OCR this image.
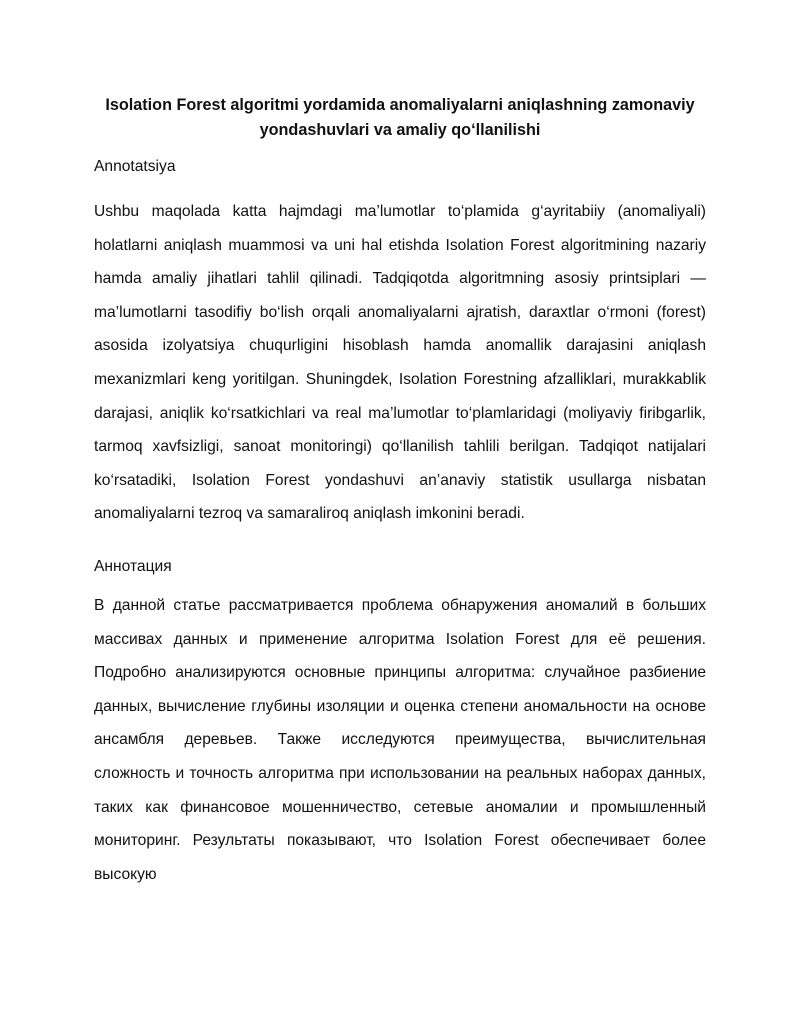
Isolation Forest algoritmi yordamida anomaliyalarni aniqlashning zamonaviy
yondashuvlari va amaliy qo‘llanilishi

Annotatsiya

Ushbu maqolada katta hajmdagi ma’lumotlar to‘plamida g‘ayritabiiy (anomaliyali) holatlarni aniqlash muammosi va uni hal etishda Isolation Forest algoritmining nazariy hamda amaliy jihatlari tahlil qilinadi. Tadqiqotda algoritmning asosiy printsiplari — ma’lumotlarni tasodifiy bo‘lish orqali anomaliyalarni ajratish, daraxtlar o‘rmoni (forest) asosida izolyatsiya chuqurligini hisoblash hamda anomallik darajasini aniqlash mexanizmlari keng yoritilgan. Shuningdek, Isolation Forestning afzalliklari, murakkablik darajasi, aniqlik ko‘rsatkichlari va real ma’lumotlar to‘plamlaridagi (moliyaviy firibgarlik, tarmoq xavfsizligi, sanoat monitoringi) qo‘llanilish tahlili berilgan. Tadqiqot natijalari ko‘rsatadiki, Isolation Forest yondashuvi an’anaviy statistik usullarga nisbatan anomaliyalarni tezroq va samaraliroq aniqlash imkonini beradi.

Аннотация

В данной статье рассматривается проблема обнаружения аномалий в больших массивах данных и применение алгоритма Isolation Forest для её решения. Подробно анализируются основные принципы алгоритма: случайное разбиение данных, вычисление глубины изоляции и оценка степени аномальности на основе ансамбля деревьев. Также исследуются преимущества, вычислительная сложность и точность алгоритма при использовании на реальных наборах данных, таких как финансовое мошенничество, сетевые аномалии и промышленный мониторинг. Результаты показывают, что Isolation Forest обеспечивает более высокую
